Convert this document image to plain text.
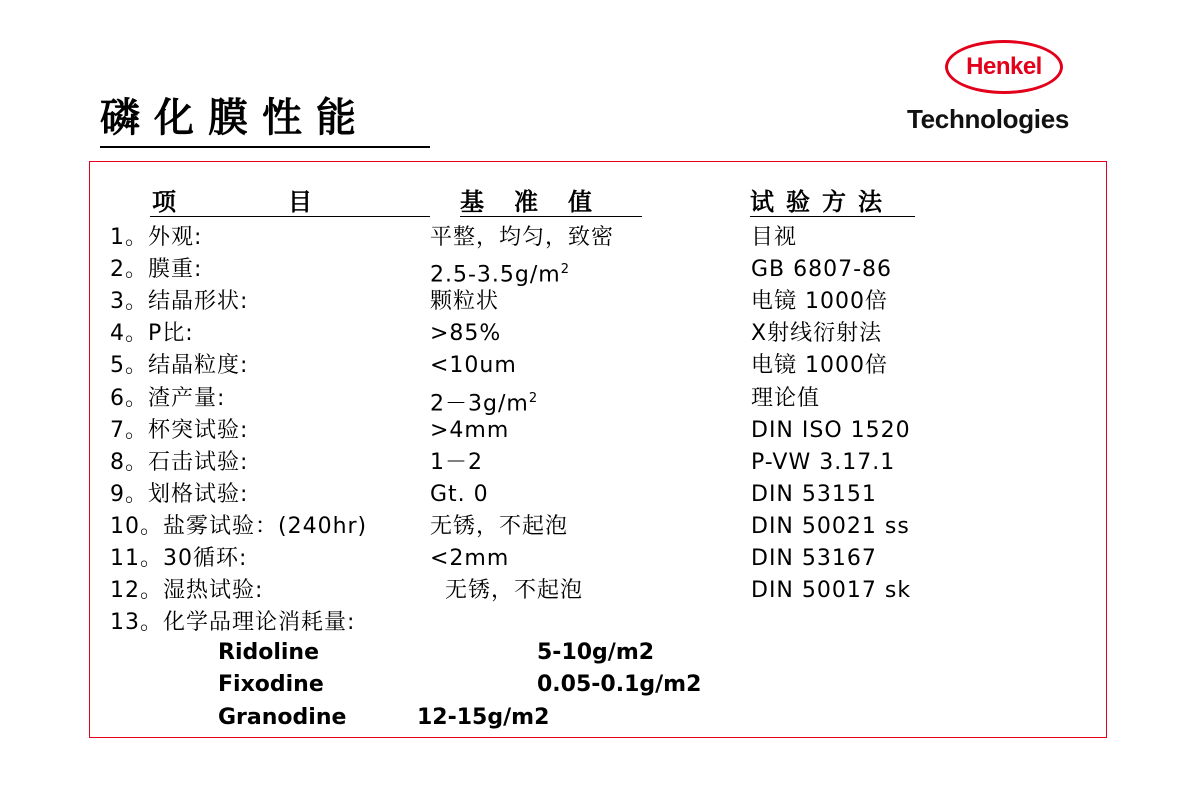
磷化膜性能
Henkel
Technologies
项	目	基准值	试验方法
1。外观:	平整，均匀，致密	目视
2。膜重:	$2.5-3.5g/m^2$	GB 6807-86
3。结晶形状:	颗粒状	电镜 1000倍
4。P比:	>85%	X射线衍射法
5。结晶粒度:	<10um	电镜 1000倍
6。渣产量:	$2-3g/m^2$	理论值
7。杯突试验:	>4mm	DIN ISO 1520
8。石击试验:	1－2	P-VW 3.17.1
9。划格试验:	Gt. 0	DIN 53151
10。盐雾试验：(240hr)	无锈，不起泡	DIN 50021 ss
11。30循环:	<2mm	DIN 53167
12。湿热试验:	无锈，不起泡	DIN 50017 sk
13。化学品理论消耗量:
Ridoline	5-10g/m2
Fixodine	0.05-0.1g/m2
Granodine	12-15g/m2
